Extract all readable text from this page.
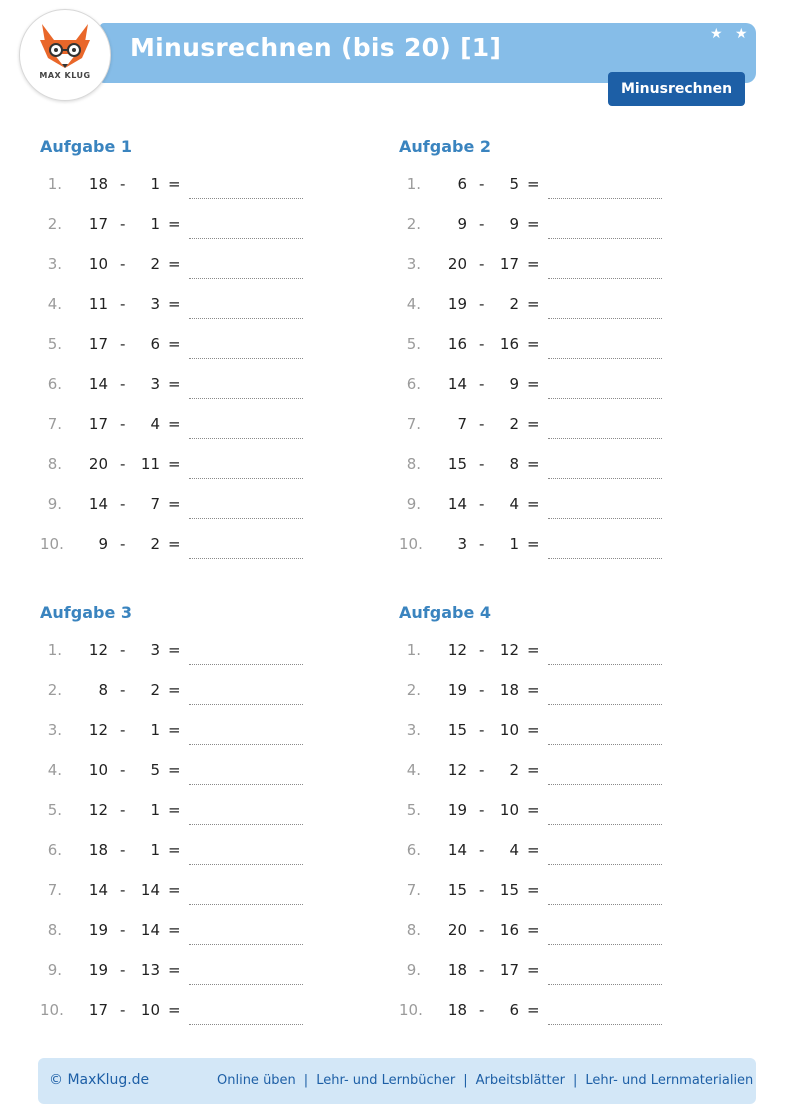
Minusrechnen (bis 20) [1]	★ ★
Minusrechnen
MAX KLUG
Aufgabe 1
1.	18 -	1 =
2.	17 -	1 =
3.	10 -	2 =
4.	11 -	3 =
5.	17 -	6 =
6.	14 -	3 =
7.	17 -	4 =
8.	20 -	11 =
9.	14 -	7 =
10.	9 -	2 =
Aufgabe 2
1.	6 -	5 =
2.	9 -	9 =
3.	20 -	17 =
4.	19 -	2 =
5.	16 -	16 =
6.	14 -	9 =
7.	7 -	2 =
8.	15 -	8 =
9.	14 -	4 =
10.	3 -	1 =
Aufgabe 3
1.	12 -	3 =
2.	8 -	2 =
3.	12 -	1 =
4.	10 -	5 =
5.	12 -	1 =
6.	18 -	1 =
7.	14 -	14 =
8.	19 -	14 =
9.	19 -	13 =
10.	17 -	10 =
Aufgabe 4
1.	12 -	12 =
2.	19 -	18 =
3.	15 -	10 =
4.	12 -	2 =
5.	19 -	10 =
6.	14 -	4 =
7.	15 -	15 =
8.	20 -	16 =
9.	18 -	17 =
10.	18 -	6 =
© MaxKlug.de	Online üben | Lehr- und Lernbücher | Arbeitsblätter | Lehr- und Lernmaterialien
